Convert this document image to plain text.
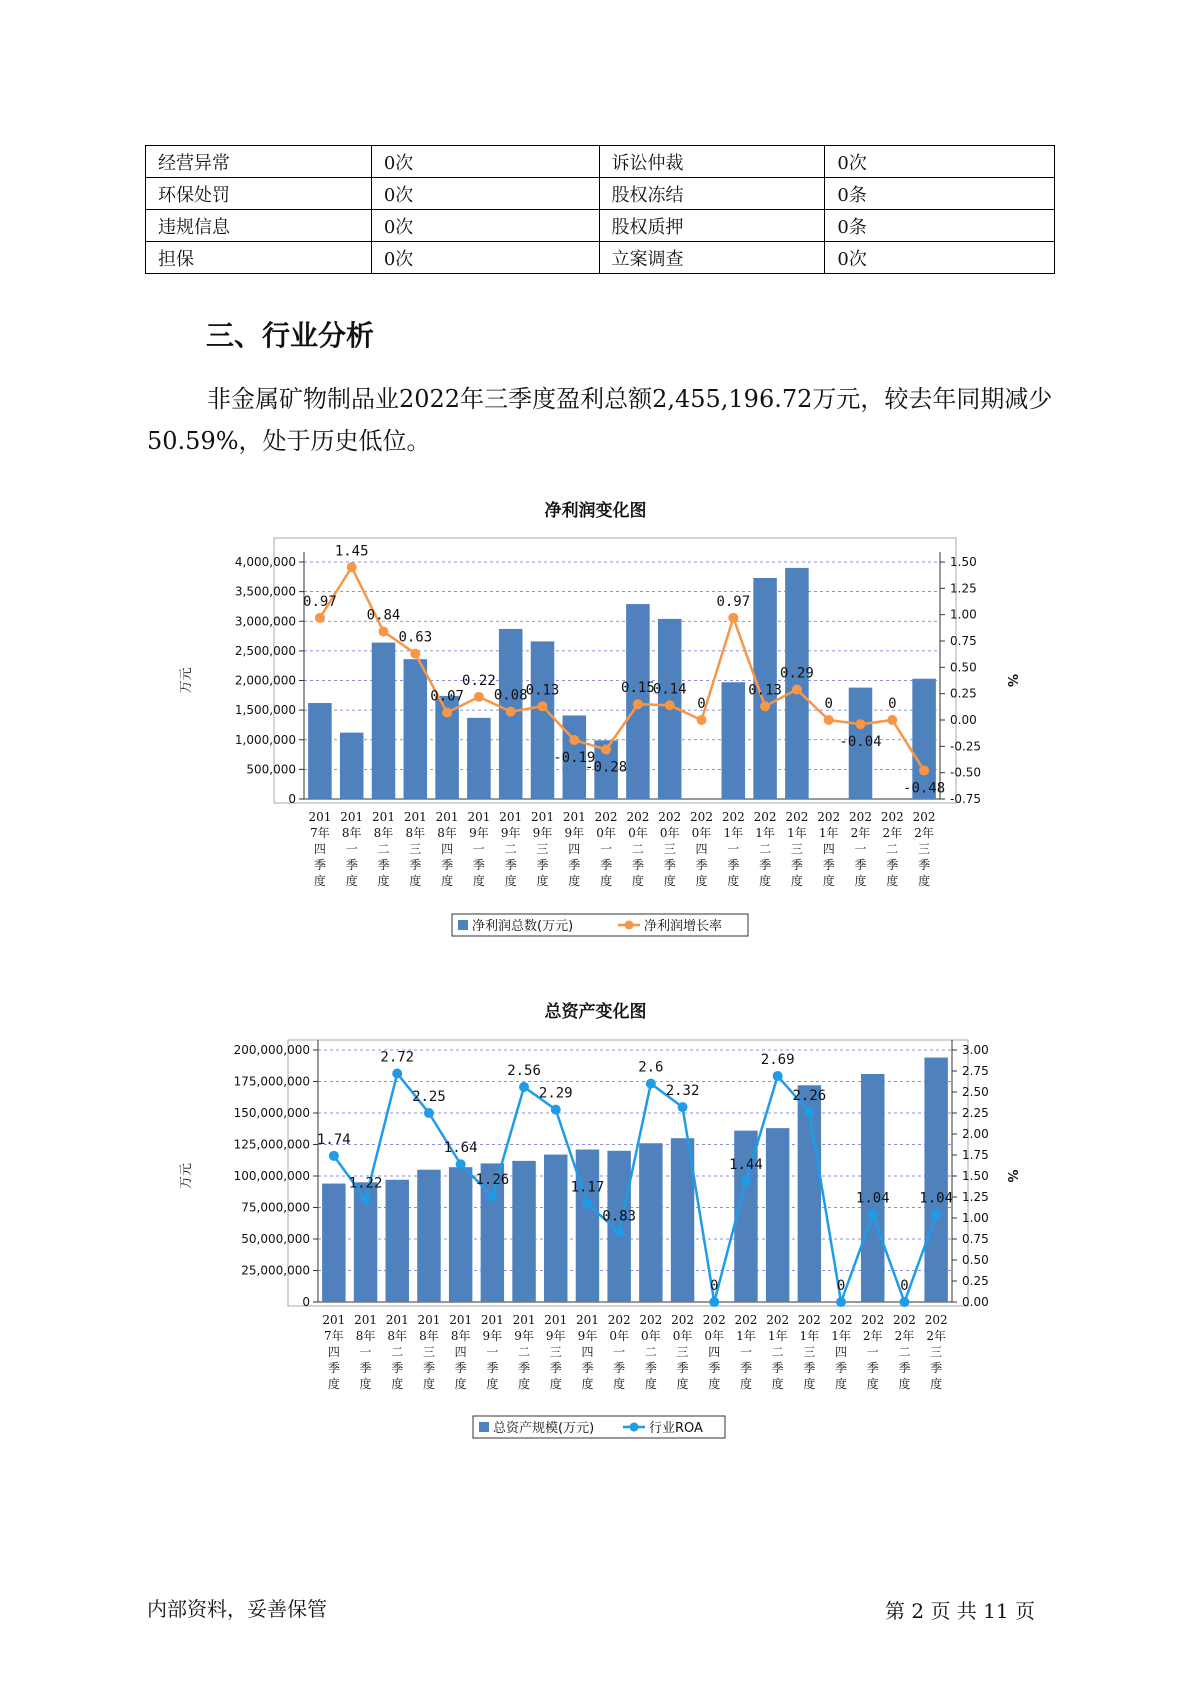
经营异常	0次	诉讼仲裁	0次
环保处罚	0次	股权冻结	0条
违规信息	0次	股权质押	0条
担保	0次	立案调查	0次
三、行业分析

非金属矿物制品业2022年三季度盈利总额2,455,196.72万元，较去年同期减少50.59%，处于历史低位。

净利润变化图
0
500,000
1,000,000
1,500,000
2,000,000
2,500,000
3,000,000
3,500,000
4,000,000
-0.75
-0.50
-0.25
0.00
0.25
0.50
0.75
1.00
1.25
1.50
万元	%
201
7年
四
季
度
201
8年
一
季
度
201
8年
二
季
度
201
8年
三
季
度
201
8年
四
季
度
201
9年
一
季
度
201
9年
二
季
度
201
9年
三
季
度
201
9年
四
季
度
202
0年
一
季
度
202
0年
二
季
度
202
0年
三
季
度
202
0年
四
季
度
202
1年
一
季
度
202
1年
二
季
度
202
1年
三
季
度
202
1年
四
季
度
202
2年
一
季
度
202
2年
二
季
度
202
2年
三
季
度
0.97
1.45
0.84
0.63
0.07
0.22
0.08
0.13
-0.19
-0.28
0.15
0.14
0
0.97
0.13
0.29
0
-0.04
0
-0.48
净利润总数(万元)	净利润增长率
总资产变化图
0
25,000,000
50,000,000
75,000,000
100,000,000
125,000,000
150,000,000
175,000,000
200,000,000
0.00
0.25
0.50
0.75
1.00
1.25
1.50
1.75
2.00
2.25
2.50
2.75
3.00
万元	%
201
7年
四
季
度
201
8年
一
季
度
201
8年
二
季
度
201
8年
三
季
度
201
8年
四
季
度
201
9年
一
季
度
201
9年
二
季
度
201
9年
三
季
度
201
9年
四
季
度
202
0年
一
季
度
202
0年
二
季
度
202
0年
三
季
度
202
0年
四
季
度
202
1年
一
季
度
202
1年
二
季
度
202
1年
三
季
度
202
1年
四
季
度
202
2年
一
季
度
202
2年
二
季
度
202
2年
三
季
度
1.74
1.22
2.72
2.25
1.64
1.26
2.56
2.29
1.17
0.83
2.6
2.32
0
1.44
2.69
2.26
0
1.04
0
1.04
总资产规模(万元)	行业ROA
内部资料，妥善保管	第 2 页 共 11 页
